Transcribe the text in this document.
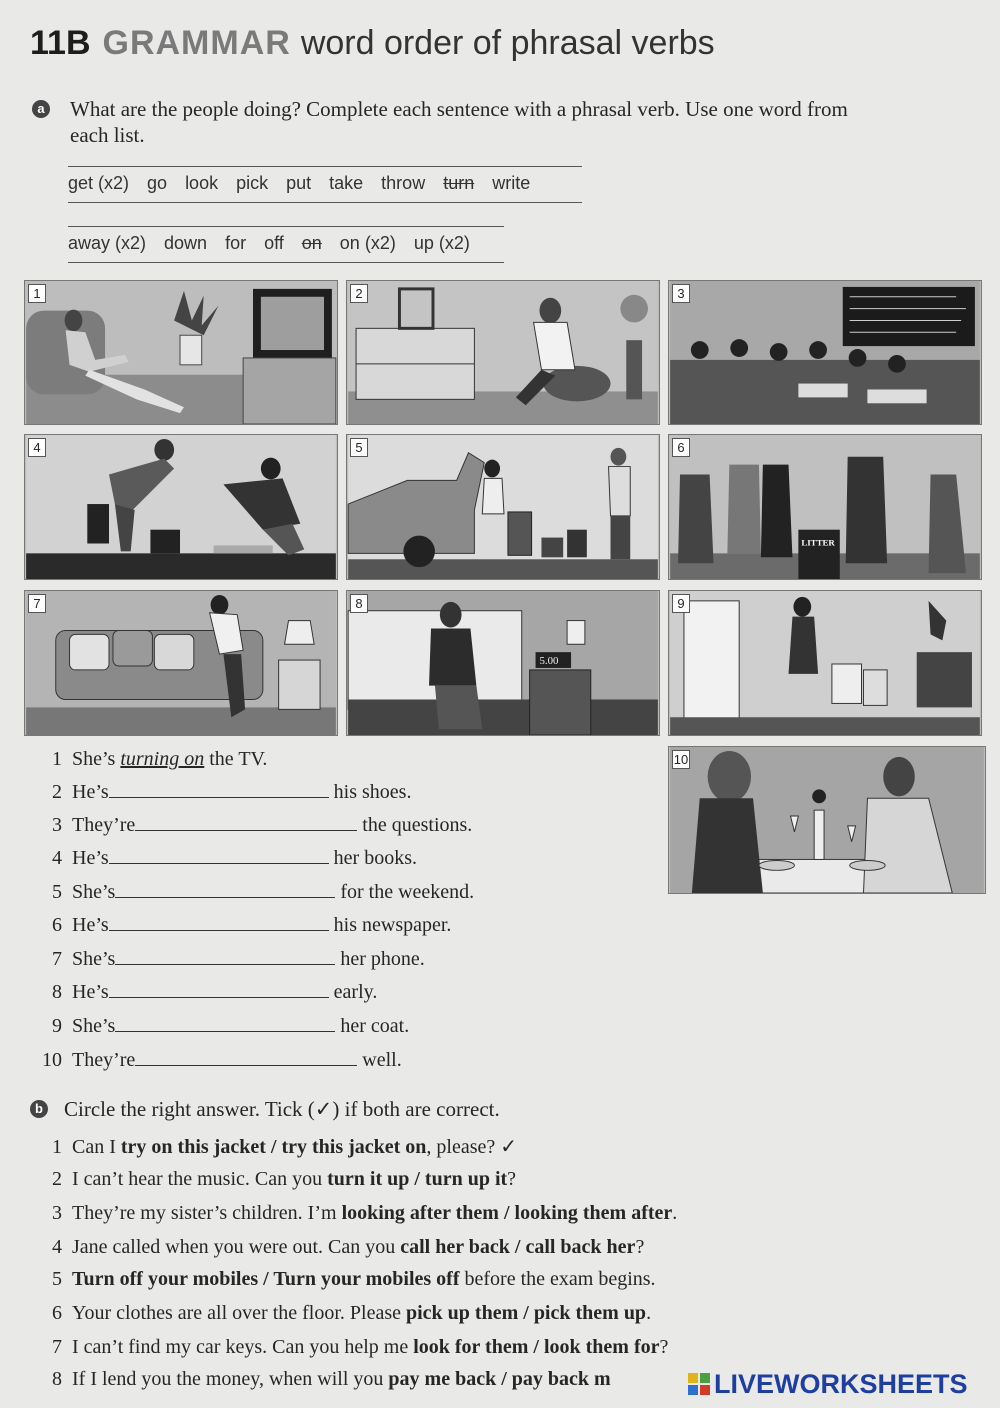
11B GRAMMAR word order of phrasal verbs
a What are the people doing? Complete each sentence with a phrasal verb. Use one word from
each list.
get (x2) go look pick put take throw turn write
away (x2) down for off on on (x2) up (x2)
1	2	3
4	5	6
LITTER
7	8
5.00
9
10
1 She’s turning on the TV.
2 He’s	his shoes.
3 They’re	the questions.
4 He’s	her books.
5 She’s	for the weekend.
6 He’s	his newspaper.
7 She’s	her phone.
8 He’s	early.
9 She’s	her coat.
10 They’re	well.
b Circle the right answer. Tick (✓) if both are correct.
1 Can I try on this jacket / try this jacket on, please? ✓
2 I can’t hear the music. Can you turn it up / turn up it?
3 They’re my sister’s children. I’m looking after them / looking them after.
4 Jane called when you were out. Can you call her back / call back her?
5 Turn off your mobiles / Turn your mobiles off before the exam begins.
6 Your clothes are all over the floor. Please pick up them / pick them up.
7 I can’t find my car keys. Can you help me look for them / look them for?
8 If I lend you the money, when will you pay me back / pay back m	LIVEWORKSHEETS
